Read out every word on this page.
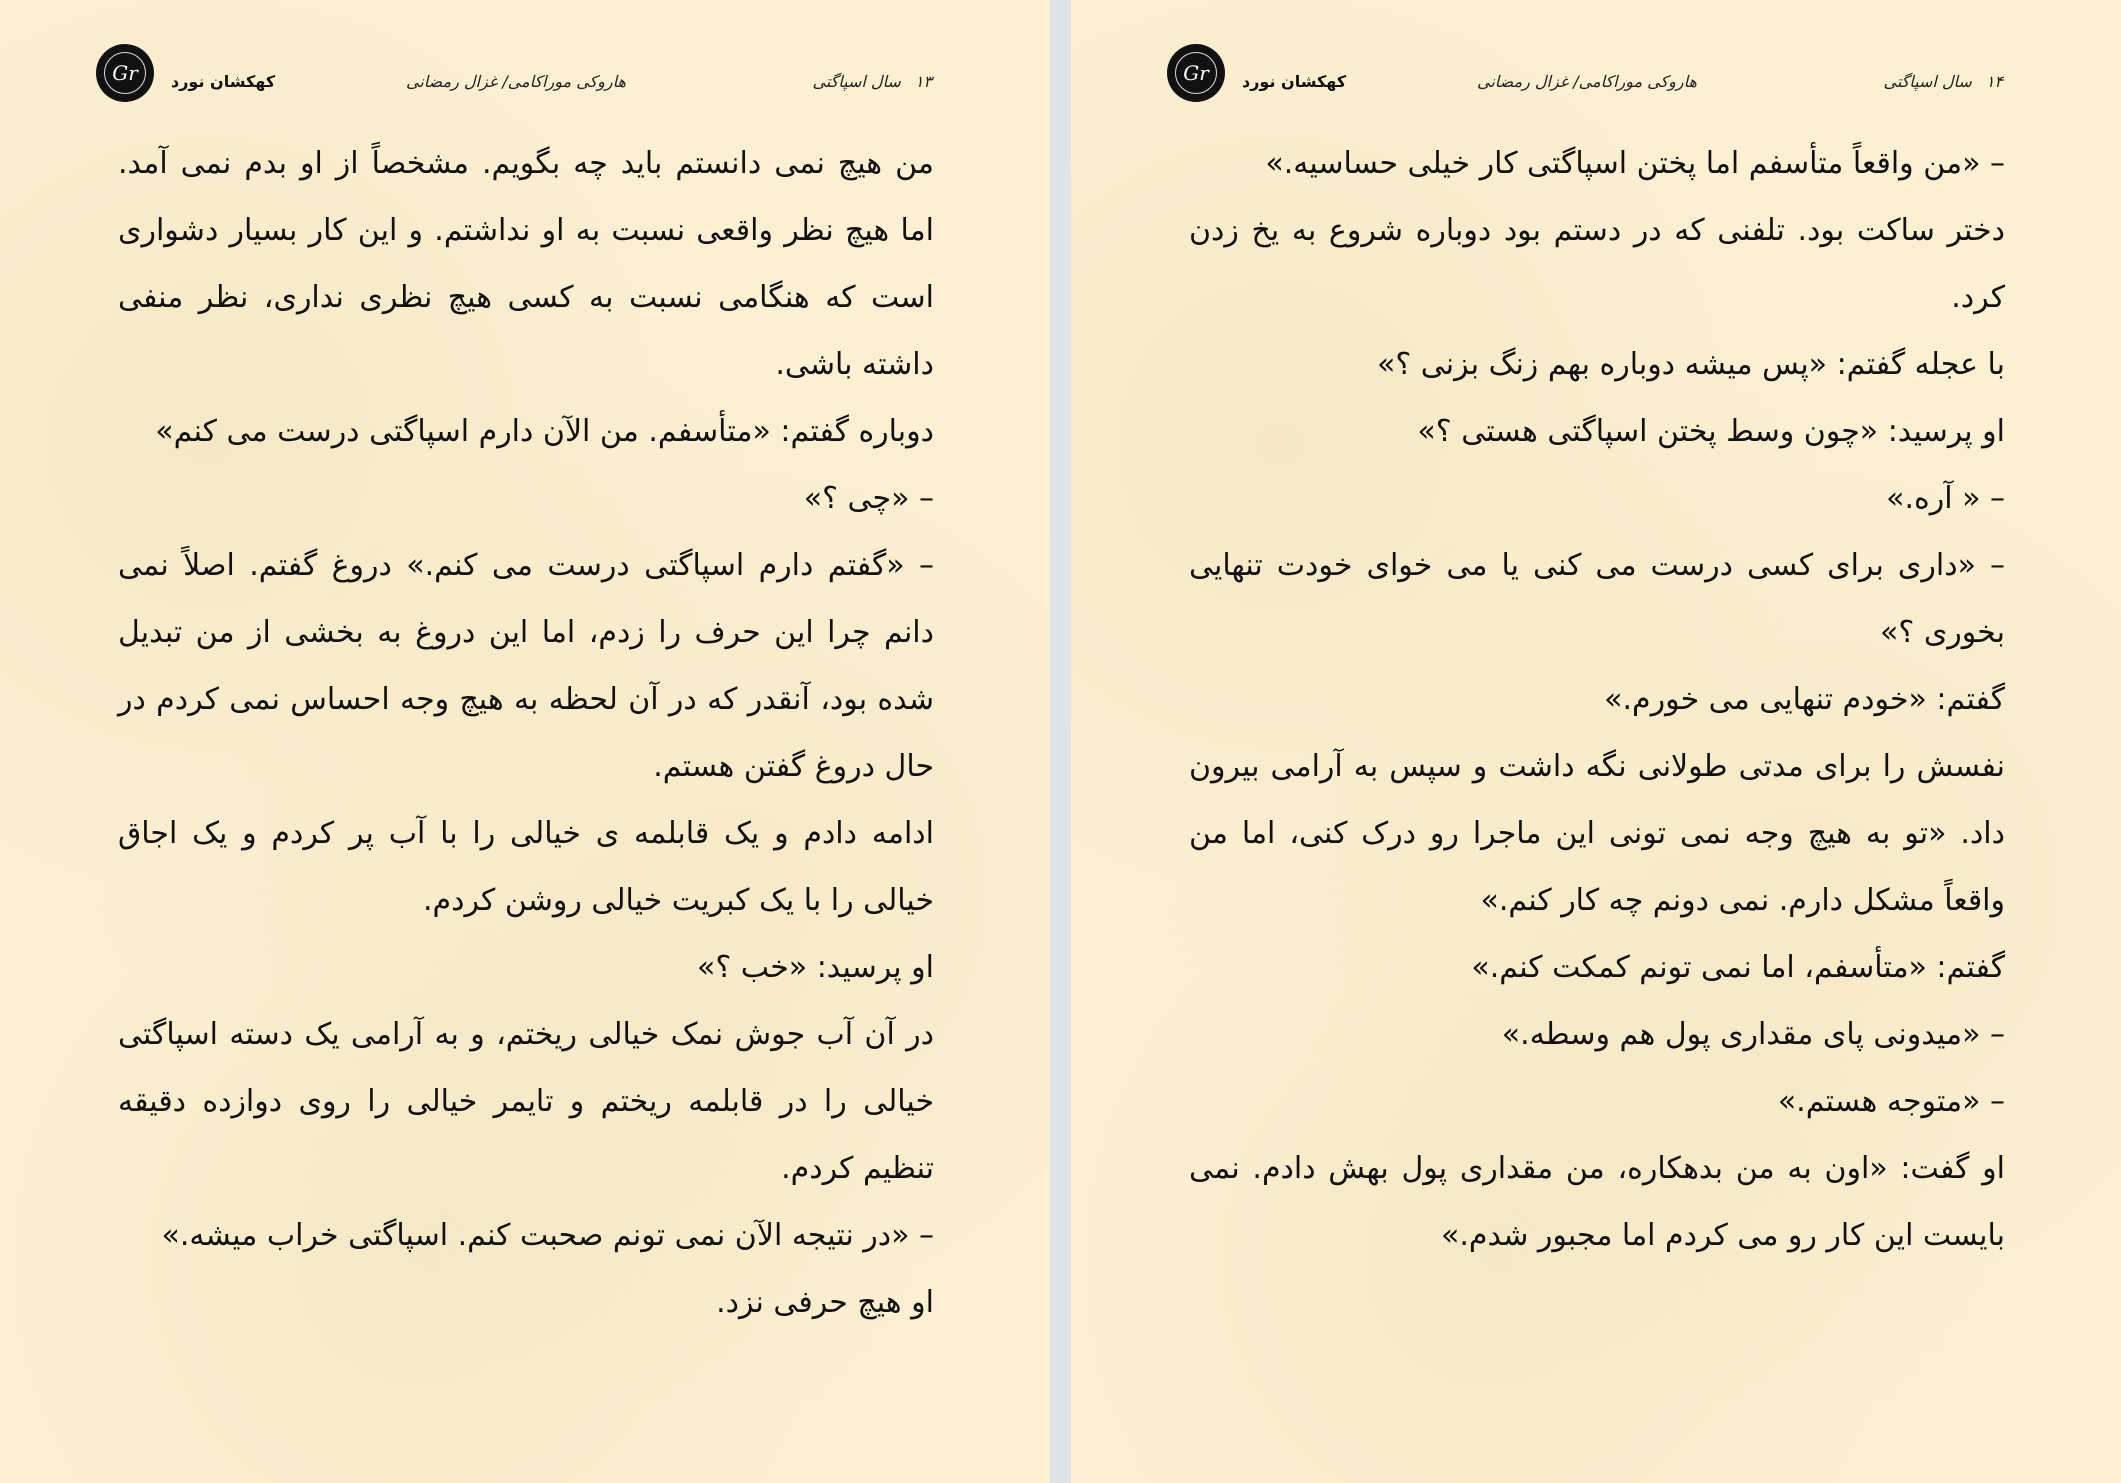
Gr	کهکشان نورد	هاروکی موراکامی/ غزال رمضانی	۱۳سال اسپاگتی

من هیچ نمی دانستم باید چه بگویم. مشخصاً از او بدم نمی آمد. اما هیچ نظر واقعی نسبت به او نداشتم. و این کار بسیار دشواری است که هنگامی نسبت به کسی هیچ نظری نداری، نظر منفی داشته باشی.

دوباره گفتم: «متأسفم. من الآن دارم اسپاگتی درست می کنم»

– «چی ؟»

– «گفتم دارم اسپاگتی درست می کنم.» دروغ گفتم. اصلاً نمی دانم چرا این حرف را زدم، اما این دروغ به بخشی از من تبدیل شده بود، آنقدر که در آن لحظه به هیچ وجه احساس نمی کردم در حال دروغ گفتن هستم.

ادامه دادم و یک قابلمه ی خیالی را با آب پر کردم و یک اجاق خیالی را با یک کبریت خیالی روشن کردم.

او پرسید: «خب ؟»

در آن آب جوش نمک خیالی ریختم، و به آرامی یک دسته اسپاگتی خیالی را در قابلمه ریختم و تایمر خیالی را روی دوازده دقیقه تنظیم کردم.

– «در نتیجه الآن نمی تونم صحبت کنم. اسپاگتی خراب میشه.»

او هیچ حرفی نزد.

Gr	کهکشان نورد	هاروکی موراکامی/ غزال رمضانی	۱۴سال اسپاگتی

– «من واقعاً متأسفم اما پختن اسپاگتی کار خیلی حساسیه.»

دختر ساکت بود. تلفنی که در دستم بود دوباره شروع به یخ زدن کرد.

با عجله گفتم: «پس میشه دوباره بهم زنگ بزنی ؟»

او پرسید: «چون وسط پختن اسپاگتی هستی ؟»

– « آره.»

– «داری برای کسی درست می کنی یا می خوای خودت تنهایی بخوری ؟»

گفتم: «خودم تنهایی می خورم.»

نفسش را برای مدتی طولانی نگه داشت و سپس به آرامی بیرون داد. «تو به هیچ وجه نمی تونی این ماجرا رو درک کنی، اما من واقعاً مشکل دارم. نمی دونم چه کار کنم.»

گفتم: «متأسفم، اما نمی تونم کمکت کنم.»

– «میدونی پای مقداری پول هم وسطه.»

– «متوجه هستم.»

او گفت: «اون به من بدهکاره، من مقداری پول بهش دادم. نمی بایست این کار رو می کردم اما مجبور شدم.»
